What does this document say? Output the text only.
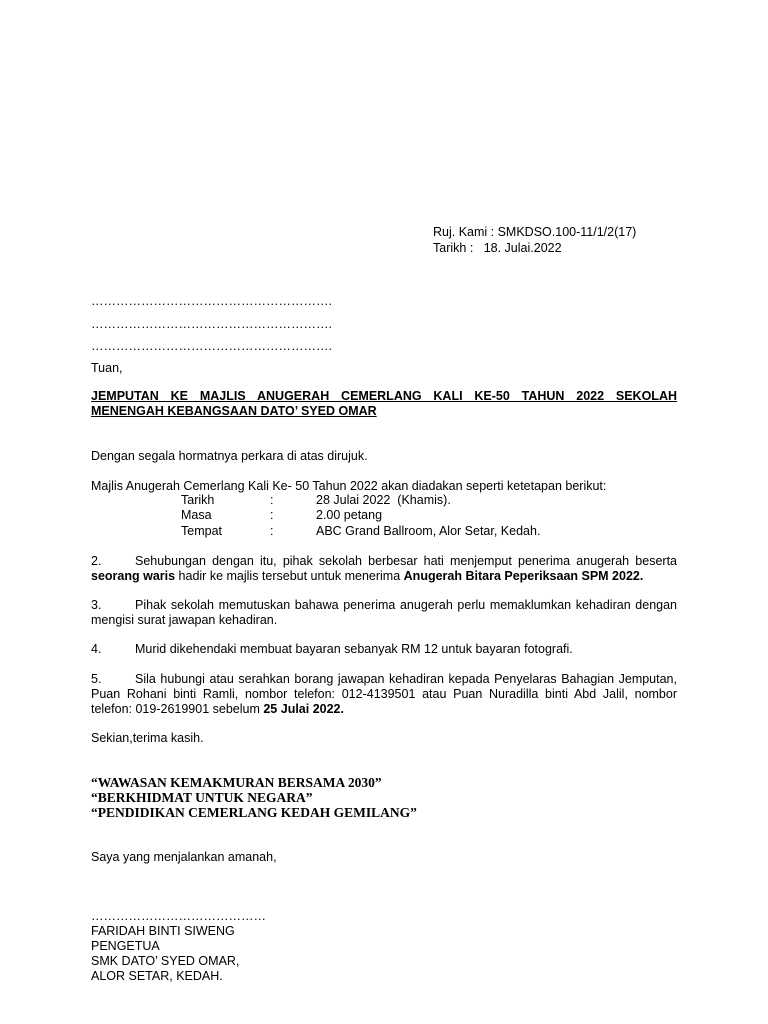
Ruj. Kami : SMKDSO.100-11/1/2(17)
Tarikh :   18. Julai.2022
………………………………………………….
………………………………………………….
………………………………………………….
Tuan,
JEMPUTAN KE MAJLIS ANUGERAH CEMERLANG KALI KE-50 TAHUN 2022 SEKOLAH MENENGAH KEBANGSAAN DATO’ SYED OMAR
Dengan segala hormatnya perkara di atas dirujuk.
Majlis Anugerah Cemerlang Kali Ke- 50 Tahun 2022 akan diadakan seperti ketetapan berikut:
Tarikh	:	28 Julai 2022  (Khamis).
Masa	:	2.00 petang
Tempat	:	ABC Grand Ballroom, Alor Setar, Kedah.
2.	Sehubungan dengan itu, pihak sekolah berbesar hati menjemput penerima anugerah beserta
seorang waris hadir ke majlis tersebut untuk menerima Anugerah Bitara Peperiksaan SPM 2022.
3.	Pihak sekolah memutuskan bahawa penerima anugerah perlu memaklumkan kehadiran dengan
mengisi surat jawapan kehadiran.
4.	Murid dikehendaki membuat bayaran sebanyak RM 12 untuk bayaran fotografi.
5.	Sila hubungi atau serahkan borang jawapan kehadiran kepada Penyelaras Bahagian Jemputan,
Puan Rohani binti Ramli, nombor telefon: 012-4139501 atau Puan Nuradilla binti Abd Jalil, nombor
telefon: 019-2619901 sebelum 25 Julai 2022.
Sekian,terima kasih.
“WAWASAN KEMAKMURAN BERSAMA 2030”
“BERKHIDMAT UNTUK NEGARA”
“PENDIDIKAN CEMERLANG KEDAH GEMILANG”
Saya yang menjalankan amanah,
……………………………………
FARIDAH BINTI SIWENG
PENGETUA
SMK DATO’ SYED OMAR,
ALOR SETAR, KEDAH.
